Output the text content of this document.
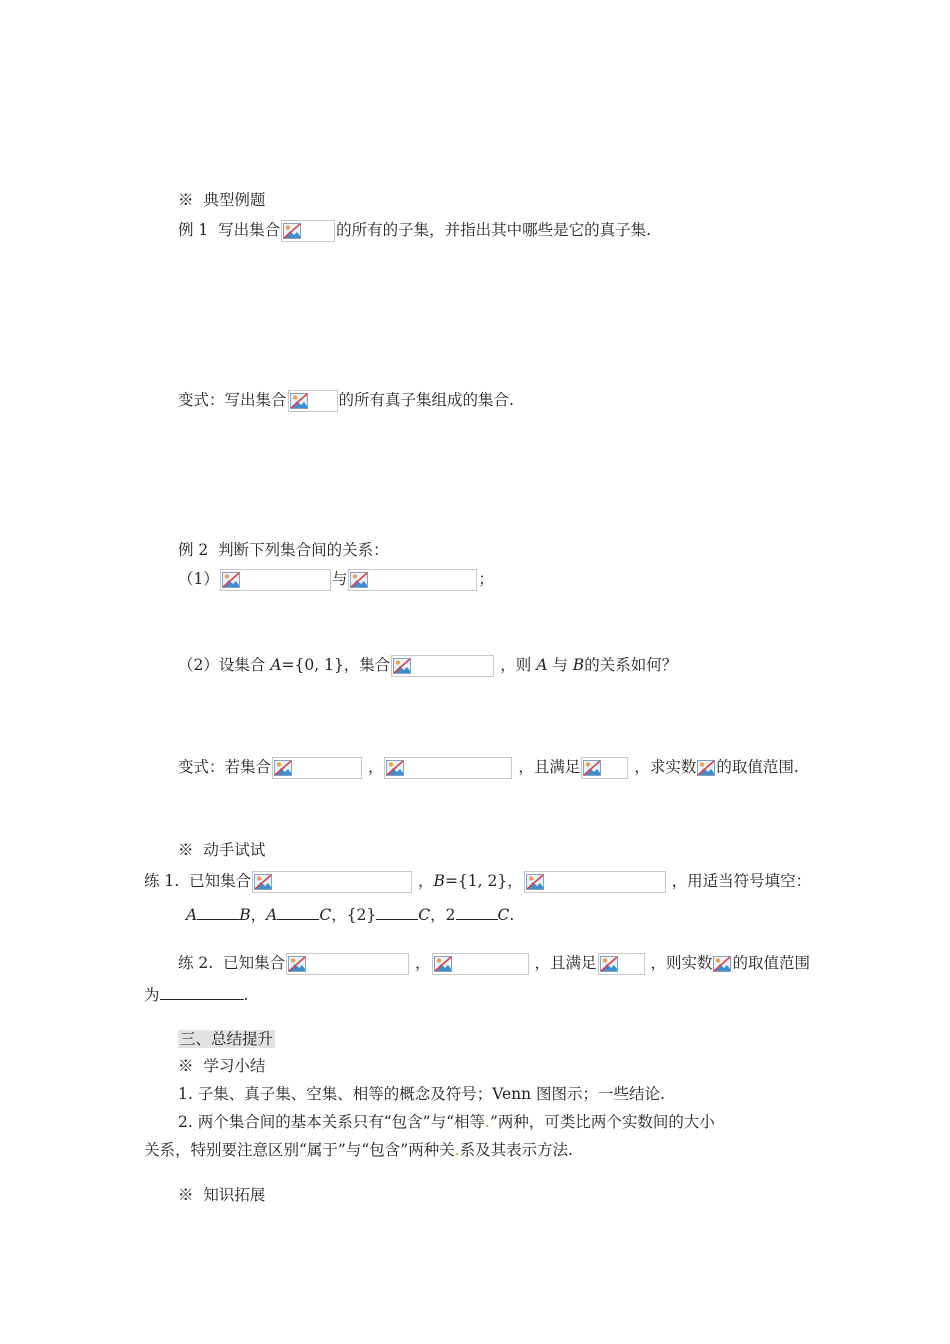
※ 典型例题
例 1 写出集合	的所有的子集，并指出其中哪些是它的真子集.
变式：写出集合	的所有真子集组成的集合.
例 2 判断下列集合间的关系：
（1）	与	；
（2）设集合 A={0, 1}，集合	，则 A 与 B的关系如何？
变式：若集合	，	，且满足	，求实数 的取值范围.
※ 动手试试
练 1. 已知集合	，B={1, 2}，	，用适当符号填空：
A	B，A	C，{2}	C，2	C.
练 2. 已知集合	，	，且满足	，则实数 的取值范围
为	.
三、总结提升
※ 学习小结
1. 子集、真子集、空集、相等的概念及符号；Venn 图图示；一些结论.
2. 两个集合间的基本关系只有“包含”与“相等.”两种，可类比两个实数间的大小
关系，特别要注意区别“属于”与“包含”两种关.系及其表示方法.
※ 知识拓展
